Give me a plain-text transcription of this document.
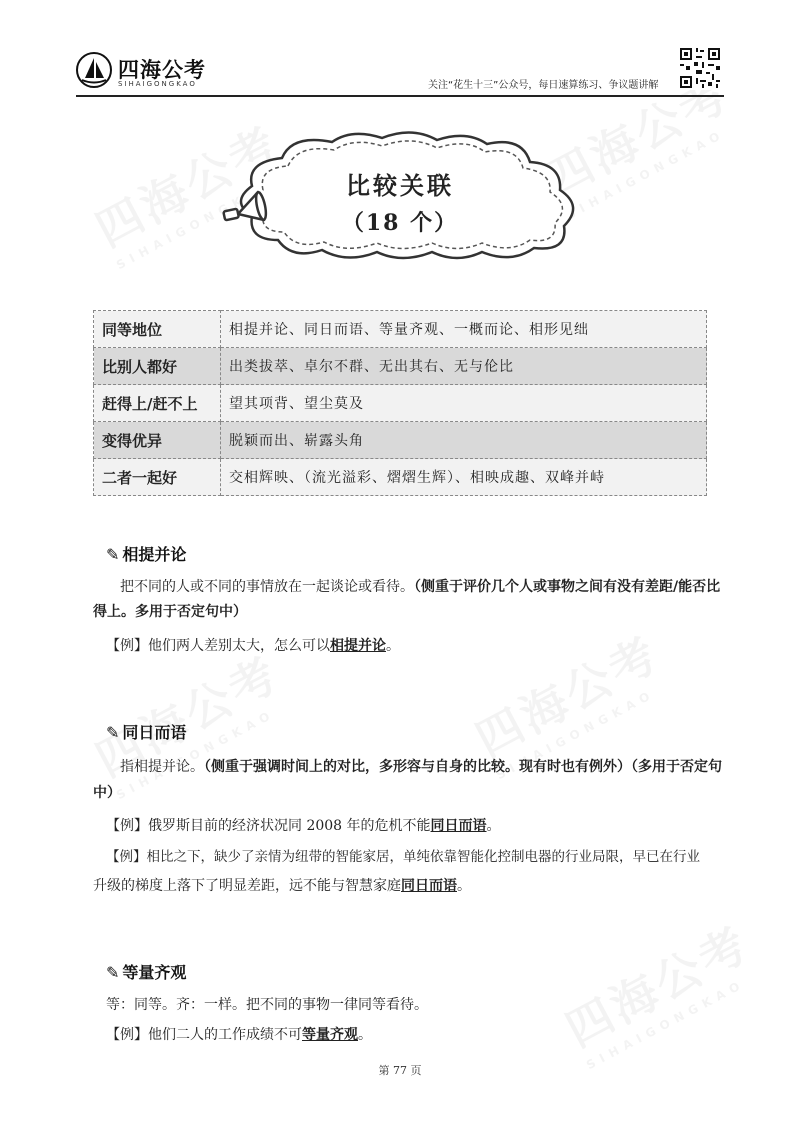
四海公考
SIHAIGONGKAO	关注“花生十三”公众号，每日速算练习、争议题讲解
比较关联
（18 个）
同等地位	相提并论、同日而语、等量齐观、一概而论、相形见绌
比别人都好	出类拔萃、卓尔不群、无出其右、无与伦比
赶得上/赶不上	望其项背、望尘莫及
变得优异	脱颖而出、崭露头角
二者一起好	交相辉映、（流光溢彩、熠熠生辉）、相映成趣、双峰并峙
✎ 相提并论
把不同的人或不同的事情放在一起谈论或看待。（侧重于评价几个人或事物之间有没有差距/能否比
得上。多用于否定句中）
【例】他们两人差别太大，怎么可以相提并论。
✎ 同日而语
指相提并论。（侧重于强调时间上的对比，多形容与自身的比较。现有时也有例外）（多用于否定句
中）
【例】俄罗斯目前的经济状况同 2008 年的危机不能同日而语。
【例】相比之下，缺少了亲情为纽带的智能家居，单纯依靠智能化控制电器的行业局限，早已在行业
升级的梯度上落下了明显差距，远不能与智慧家庭同日而语。
✎ 等量齐观
等：同等。齐：一样。把不同的事物一律同等看待。
【例】他们二人的工作成绩不可等量齐观。
第 77 页
